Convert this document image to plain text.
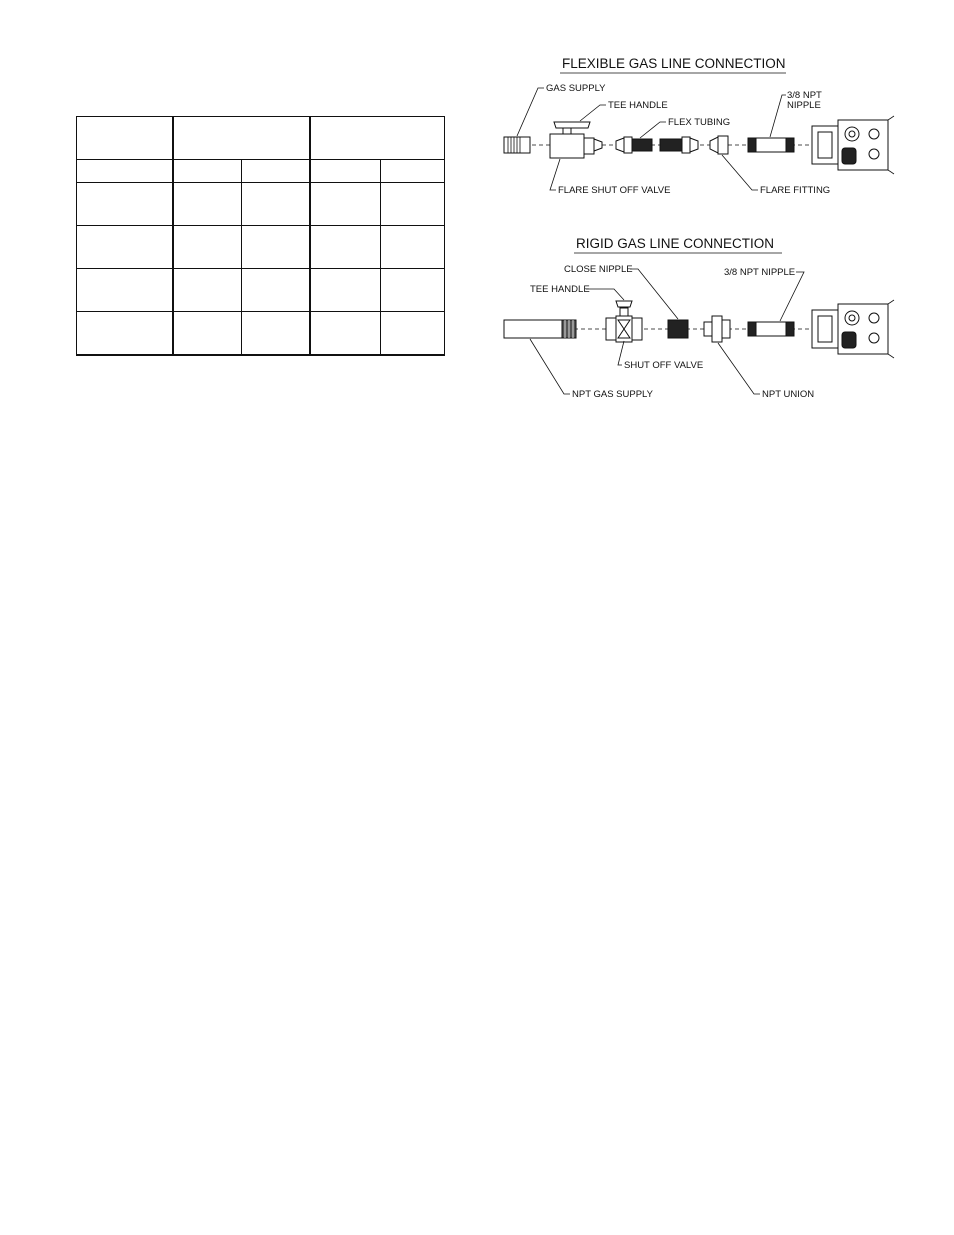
FLEXIBLE GAS LINE CONNECTION
GAS SUPPLY
TEE HANDLE
FLEX TUBING
3/8 NPT
NIPPLE
FLARE SHUT OFF VALVE	FLARE FITTING
RIGID GAS LINE CONNECTION
CLOSE NIPPLE
TEE HANDLE
3/8 NPT NIPPLE
SHUT OFF VALVE
NPT GAS SUPPLY	NPT UNION
